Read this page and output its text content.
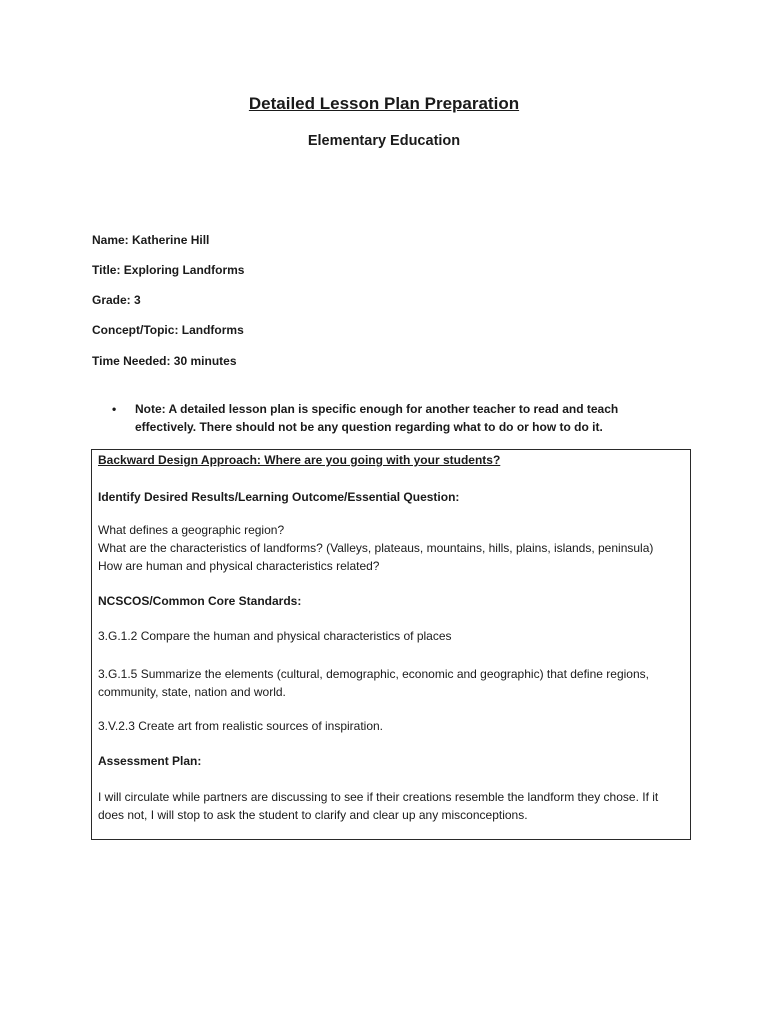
Detailed Lesson Plan Preparation
Elementary Education

Name: Katherine Hill

Title: Exploring Landforms

Grade: 3

Concept/Topic: Landforms

Time Needed: 30 minutes

•	Note: A detailed lesson plan is specific enough for another teacher to read and teach effectively. There should not be any question regarding what to do or how to do it.

Backward Design Approach: Where are you going with your students?

Identify Desired Results/Learning Outcome/Essential Question:

What defines a geographic region?

What are the characteristics of landforms? (Valleys, plateaus, mountains, hills, plains, islands, peninsula)

How are human and physical characteristics related?

NCSCOS/Common Core Standards:

3.G.1.2 Compare the human and physical characteristics of places

3.G.1.5 Summarize the elements (cultural, demographic, economic and geographic) that define regions, community, state, nation and world.

3.V.2.3 Create art from realistic sources of inspiration.

Assessment Plan:

I will circulate while partners are discussing to see if their creations resemble the landform they chose. If it does not, I will stop to ask the student to clarify and clear up any misconceptions.
